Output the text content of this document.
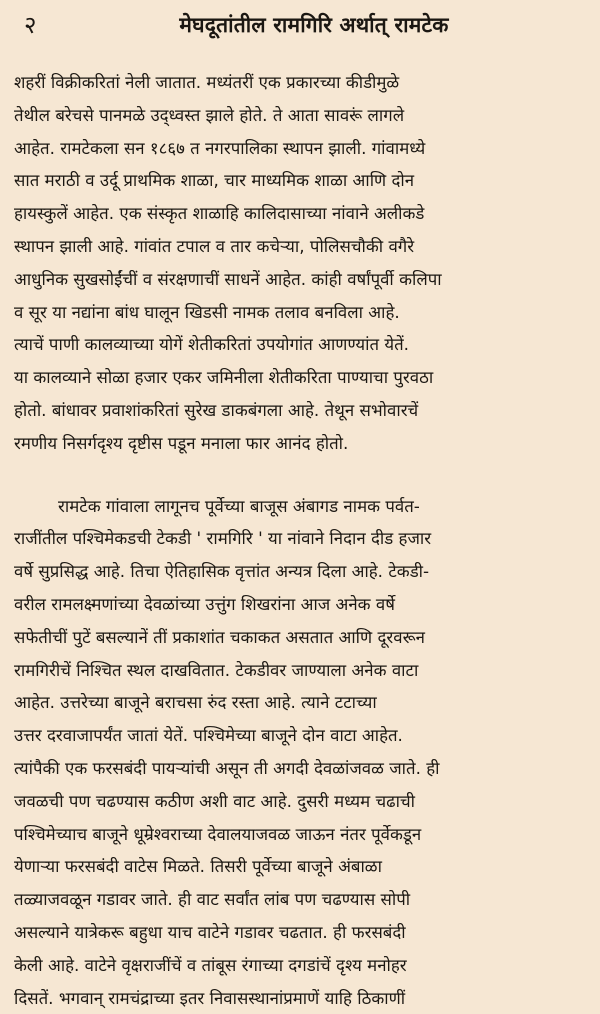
२	मेघदूतांतील रामगिरि अर्थात् रामटेक
शहरीं विक्रीकरितां नेली जातात. मध्यंतरीं एक प्रकारच्या कीडीमुळे
तेथील बरेचसे पानमळे उद्ध्वस्त झाले होते. ते आता सावरूं लागले
आहेत. रामटेकला सन १८६७ त नगरपालिका स्थापन झाली. गांवामध्ये
सात मराठी व उर्दू प्राथमिक शाळा, चार माध्यमिक शाळा आणि दोन
हायस्कुलें आहेत. एक संस्कृत शाळाहि कालिदासाच्या नांवाने अलीकडे
स्थापन झाली आहे. गांवांत टपाल व तार कचेऱ्या, पोलिसचौकी वगैरे
आधुनिक सुखसोईंचीं व संरक्षणाचीं साधनें आहेत. कांही वर्षांपूर्वी कलिपा
व सूर या नद्यांना बांध घालून खिडसी नामक तलाव बनविला आहे.
त्याचें पाणी कालव्याच्या योगें शेतीकरितां उपयोगांत आणण्यांत येतें.
या कालव्याने सोळा हजार एकर जमिनीला शेतीकरिता पाण्याचा पुरवठा
होतो. बांधावर प्रवाशांकरितां सुरेख डाकबंगला आहे. तेथून सभोवारचें
रमणीय निसर्गदृश्य दृष्टीस पडून मनाला फार आनंद होतो.
रामटेक गांवाला लागूनच पूर्वेच्या बाजूस अंबागड नामक पर्वत-
राजींतील पश्चिमेकडची टेकडी ' रामगिरि ' या नांवाने निदान दीड हजार
वर्षे सुप्रसिद्ध आहे. तिचा ऐतिहासिक वृत्तांत अन्यत्र दिला आहे. टेकडी-
वरील रामलक्ष्मणांच्या देवळांच्या उत्तुंग शिखरांना आज अनेक वर्षे
सफेतीचीं पुटें बसल्यानें तीं प्रकाशांत चकाकत असतात आणि दूरवरून
रामगिरीचें निश्चित स्थल दाखवितात. टेकडीवर जाण्याला अनेक वाटा
आहेत. उत्तरेच्या बाजूने बराचसा रुंद रस्ता आहे. त्याने टटाच्या
उत्तर दरवाजापर्यंत जातां येतें. पश्चिमेच्या बाजूने दोन वाटा आहेत.
त्यांपैकी एक फरसबंदी पायऱ्यांची असून ती अगदी देवळांजवळ जाते. ही
जवळची पण चढण्यास कठीण अशी वाट आहे. दुसरी मध्यम चढाची
पश्चिमेच्याच बाजूने धूम्रेश्वराच्या देवालयाजवळ जाऊन नंतर पूर्वेकडून
येणाऱ्या फरसबंदी वाटेस मिळते. तिसरी पूर्वेच्या बाजूने अंबाळा
तळ्याजवळून गडावर जाते. ही वाट सर्वांत लांब पण चढण्यास सोपी
असल्याने यात्रेकरू बहुधा याच वाटेने गडावर चढतात. ही फरसबंदी
केली आहे. वाटेने वृक्षराजींचें व तांबूस रंगाच्या दगडांचें दृश्य मनोहर
दिसतें. भगवान् रामचंद्राच्या इतर निवासस्थानांप्रमाणें याहि ठिकाणीं
